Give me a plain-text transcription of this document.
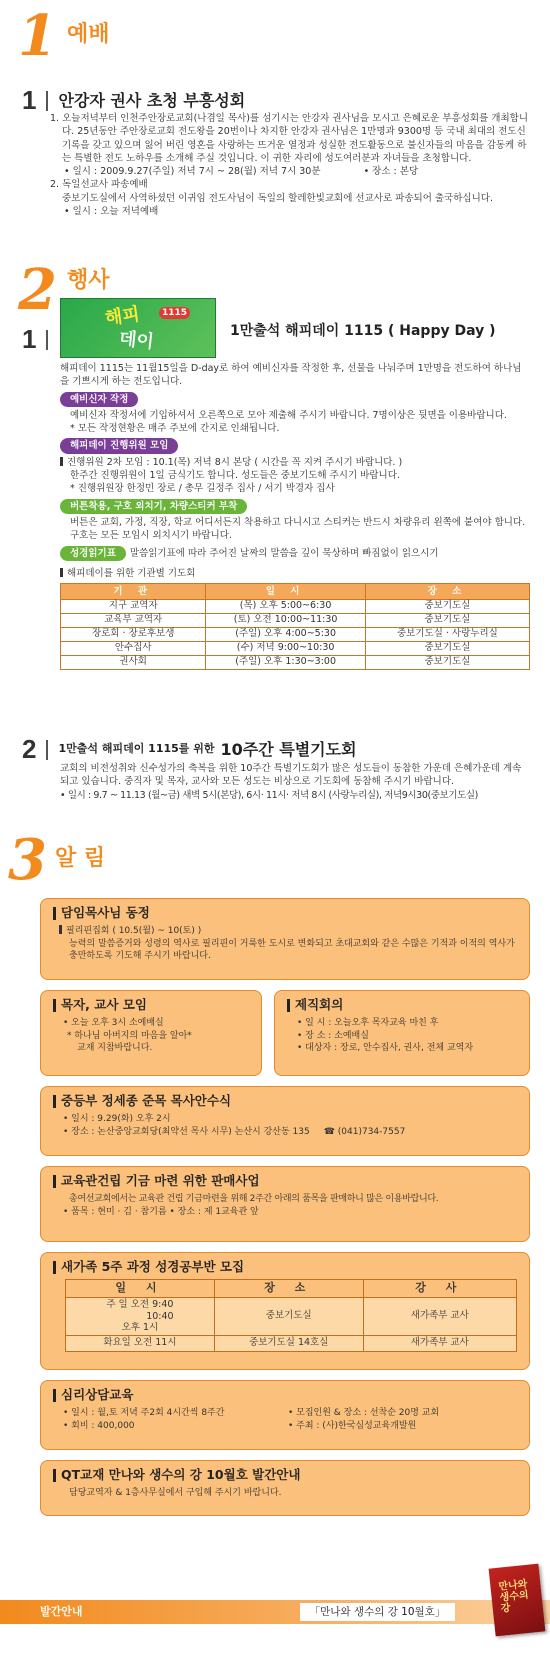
1 예배
1 안강자 권사 초청 부흥성회

1. 오늘저녁부터 인천주안장로교회(나겸일 목사)를 섬기시는 안강자 권사님을 모시고 은혜로운 부흥성회를 개최합니다. 25년동안 주안장로교회 전도왕을 20번이나 차지한 안강자 권사님은 1만명과 9300명 등 국내 최대의 전도신기록을 갖고 있으며 잃어 버린 영혼을 사랑하는 뜨거운 열정과 성실한 전도활동으로 불신자들의 마음을 감동케 하는 특별한 전도 노하우를 소개해 주실 것입니다. 이 귀한 자리에 성도여러분과 자녀들을 초청합니다.

• 일시 : 2009.9.27(주일) 저녁 7시 ~ 28(월) 저녁 7시 30분	• 장소 : 본당

2. 독일선교사 파송예배

중보기도실에서 사역하셨던 이귀임 전도사님이 독일의 할레한빛교회에 선교사로 파송되어 출국하십니다.

• 일시 : 오늘 저녁예배

2 행사
1
해피	1115
데이	1만출석 해피데이 1115 ( Happy Day )

해피데이 1115는 11월15일을 D-day로 하여 예비신자를 작정한 후, 선물을 나눠주며 1만명을 전도하여 하나님을 기쁘시게 하는 전도입니다.

예비신자 작정

예비신자 작정서에 기입하셔서 오른쪽으로 모아 제출해 주시기 바랍니다. 7명이상은 뒷면을 이용바랍니다.

* 모든 작정현황은 매주 주보에 간지로 인쇄됩니다.

해피데이 진행위원 모임

진행위원 2차 모임 : 10.1(목) 저녁 8시 본당 ( 시간을 꼭 지켜 주시기 바랍니다. )

한주간 진행위원이 1일 금식기도 합니다. 성도들은 중보기도해 주시기 바랍니다.

* 진행위원장 한정민 장로 / 총무 길정주 집사 / 서기 박경자 집사

버튼착용, 구호 외치기, 차량스티커 부착

버튼은 교회, 가정, 직장, 학교 어디서든지 착용하고 다니시고 스티커는 반드시 차량유리 왼쪽에 붙여야 합니다. 구호는 모든 모임시 외치시기 바랍니다.

성경읽기표 말씀읽기표에 따라 주어진 날짜의 말씀을 깊이 묵상하며 빠짐없이 읽으시기

해피데이를 위한 기관별 기도회

기 관	일 시	장 소
지구 교역자	(목) 오후 5:00~6:30	중보기도실
교육부 교역자	(토) 오전 10:00~11:30	중보기도실
장로회 · 장로후보생	(주일) 오후 4:00~5:30	중보기도실 · 사랑누리실
안수집사	(수) 저녁 9:00~10:30	중보기도실
권사회	(주일) 오후 1:30~3:00	중보기도실
2 1만출석 해피데이 1115를 위한 10주간 특별기도회

교회의 비전성취와 신수성가의 축복을 위한 10주간 특별기도회가 많은 성도들이 동참한 가운데 은혜가운데 계속되고 있습니다. 중직자 및 목자, 교사와 모든 성도는 비상으로 기도회에 동참해 주시기 바랍니다.

• 일시 : 9.7 ~ 11.13 (월~금) 새벽 5시(본당), 6시· 11시· 저녁 8시 (사랑누리실), 저녁9시30(중보기도실)

3 알 림
담임목사님 동정

필리핀집회 ( 10.5(월) ~ 10(토) )

능력의 말씀증거와 성령의 역사로 필리핀이 거룩한 도시로 변화되고 초대교회와 같은 수많은 기적과 이적의 역사가 충만하도록 기도해 주시기 바랍니다.

목자, 교사 모임

• 오늘 오후 3시 소예배실

* 하나님 아버지의 마음을 알아*

교재 지참바랍니다.

제직회의

• 일 시 : 오늘오후 목자교육 마친 후

• 장 소 : 소예배실

• 대상자 : 장로, 안수집사, 권사, 전체 교역자

중등부 정세종 준목 목사안수식

• 일시 : 9.29(화) 오후 2시

• 장소 : 논산중앙교회당(최약선 목사 시무) 논산시 강산동 135 ☎ (041)734-7557

교육관건립 기금 마련 위한 판매사업

총여선교회에서는 교육관 건립 기금마련을 위해 2주간 아래의 품목을 판매하니 많은 이용바랍니다.

• 품목 : 현미 · 김 · 참기름 • 장소 : 제 1교육관 앞

새가족 5주 과정 성경공부반 모집
일 시	장 소	강 사

주 일 오전 9:40
10:40
오후 1시	중보기도실	새가족부 교사
화요일 오전 11시	중보기도실 14호실	새가족부 교사
심리상담교육

• 일시 : 월,토 저녁 주2회 4시간씩 8주간

• 회비 : 400,000

• 모집인원 & 장소 : 선착순 20명 교회

• 주최 : (사)한국심성교육개발원

QT교재 만나와 생수의 강 10월호 발간안내

담당교역자 & 1층사무실에서 구입해 주시기 바랍니다.

발간안내	「만나와 생수의 강 10월호」
만나와 생수의 강
